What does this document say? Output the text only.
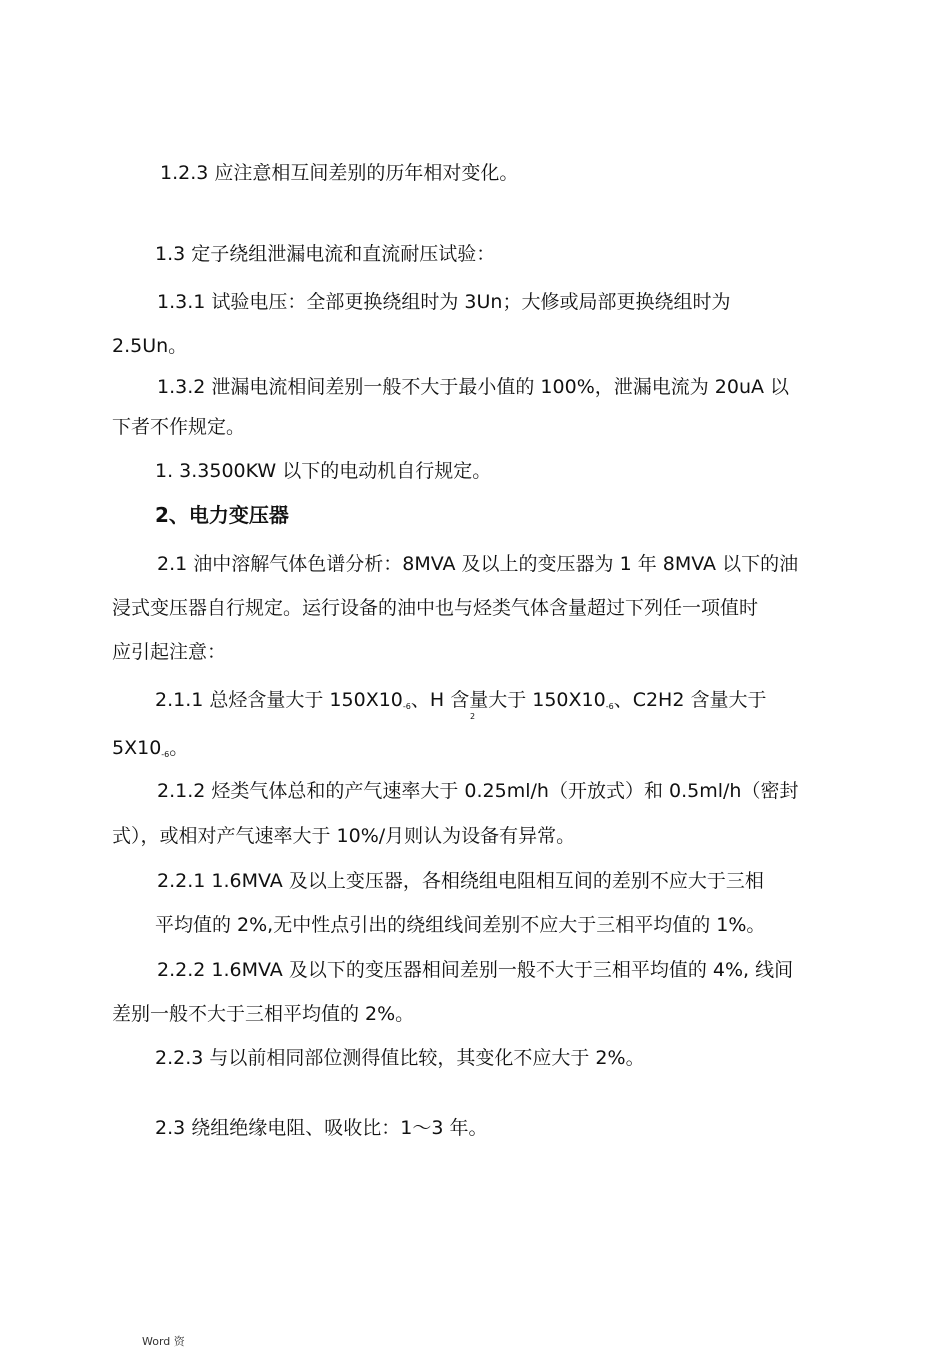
1.2.3 应注意相互间差别的历年相对变化。
1.3 定子绕组泄漏电流和直流耐压试验：
1.3.1 试验电压：全部更换绕组时为 3Un；大修或局部更换绕组时为
2.5Un。
1.3.2 泄漏电流相间差别一般不大于最小值的 100%，泄漏电流为 20uA 以
下者不作规定。
1. 3.3500KW 以下的电动机自行规定。
2、电力变压器
2.1 油中溶解气体色谱分析：8MVA 及以上的变压器为 1 年 8MVA 以下的油
浸式变压器自行规定。运行设备的油中也与烃类气体含量超过下列任一项值时
应引起注意：
2.1.1 总烃含量大于 $150X10_{-6}$、H 含量大于 $150X10_{-6}$、C2H2 含量大于
2
$5X10_{-6}$。
2.1.2 烃类气体总和的产气速率大于 0.25ml/h（开放式）和 0.5ml/h（密封
式），或相对产气速率大于 10%/月则认为设备有异常。
2.2.1 1.6MVA 及以上变压器，各相绕组电阻相互间的差别不应大于三相
平均值的 2%,无中性点引出的绕组线间差别不应大于三相平均值的 1%。
2.2.2 1.6MVA 及以下的变压器相间差别一般不大于三相平均值的 4%, 线间
差别一般不大于三相平均值的 2%。
2.2.3 与以前相同部位测得值比较，其变化不应大于 2%。
2.3 绕组绝缘电阻、吸收比：1〜3 年。
Word 资
